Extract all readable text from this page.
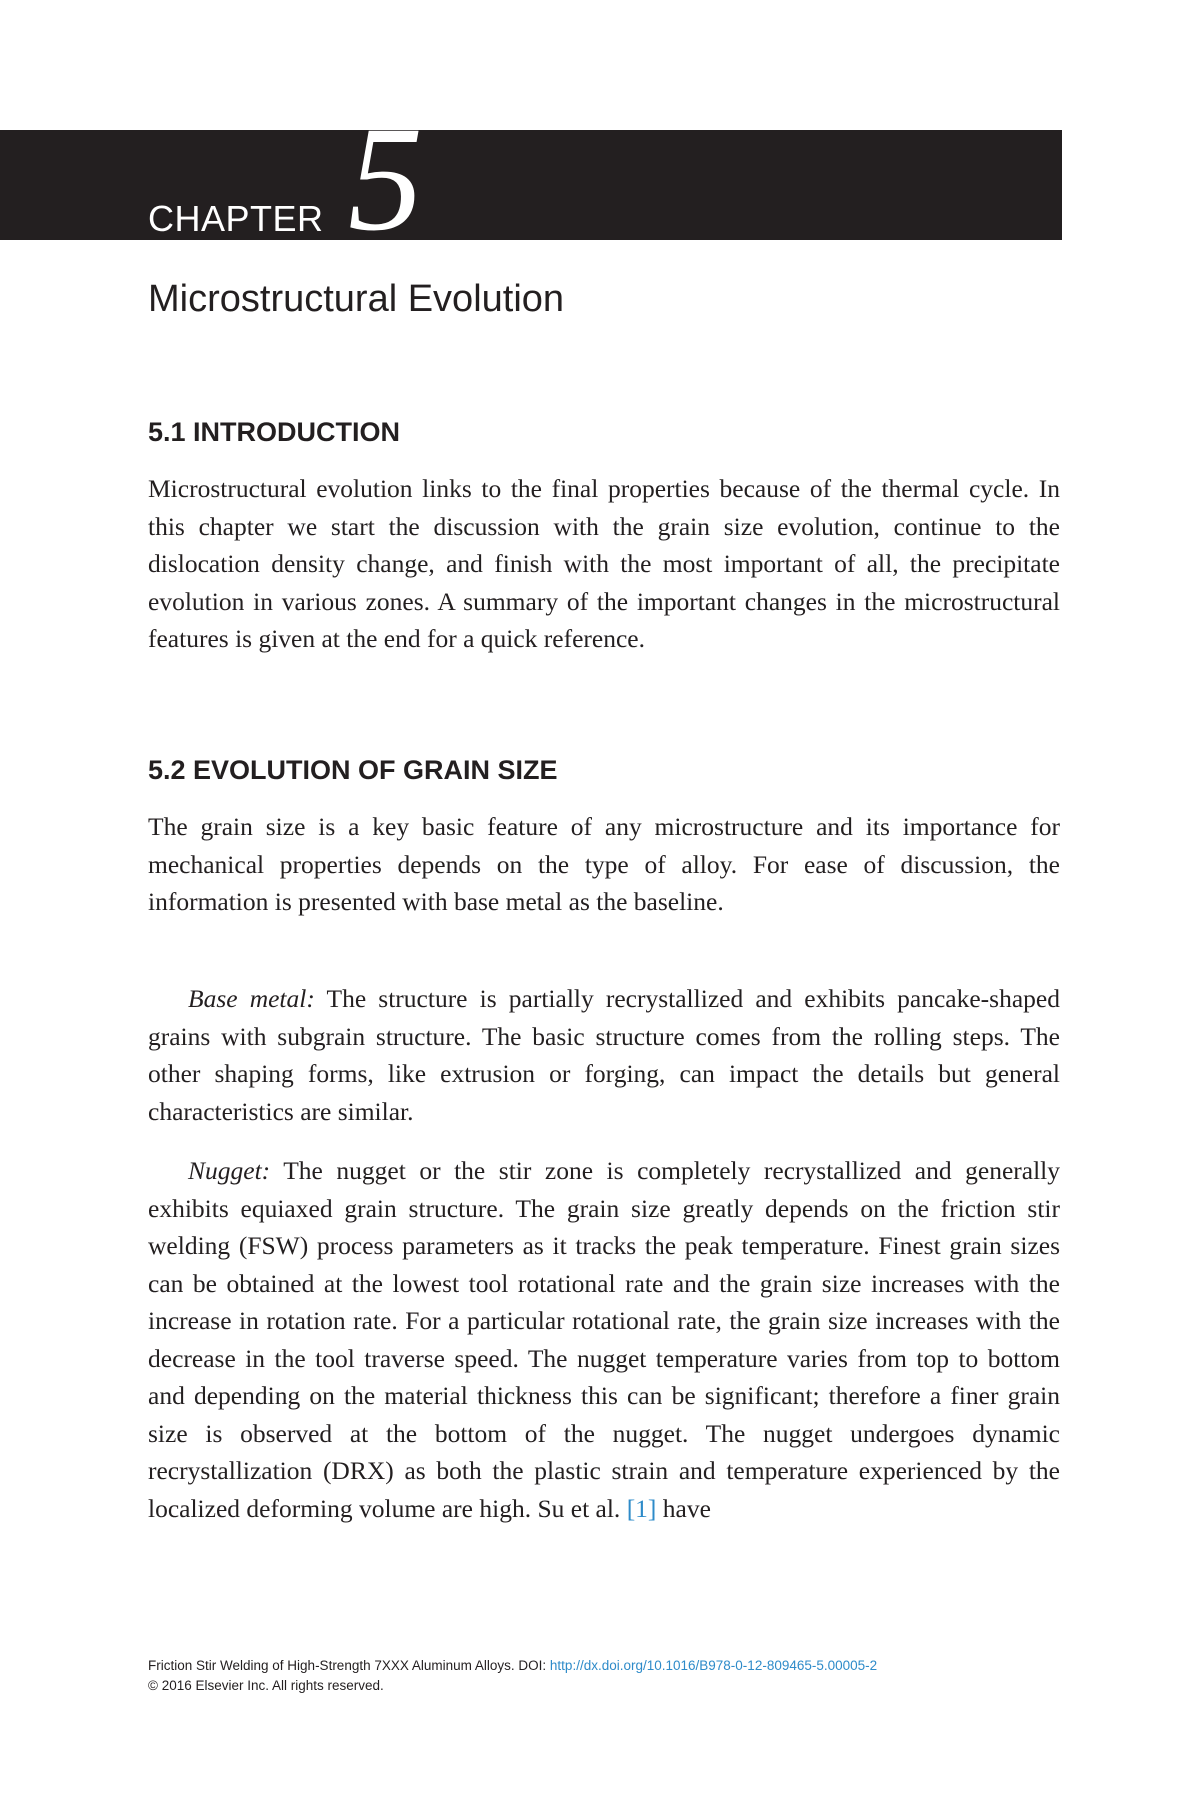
CHAPTER 5
Microstructural Evolution
5.1 INTRODUCTION

Microstructural evolution links to the final properties because of the thermal cycle. In this chapter we start the discussion with the grain size evolution, continue to the dislocation density change, and finish with the most important of all, the precipitate evolution in various zones. A summary of the important changes in the microstructural features is given at the end for a quick reference.

5.2 EVOLUTION OF GRAIN SIZE

The grain size is a key basic feature of any microstructure and its importance for mechanical properties depends on the type of alloy. For ease of discussion, the information is presented with base metal as the baseline.

Base metal: The structure is partially recrystallized and exhibits pancake-shaped grains with subgrain structure. The basic structure comes from the rolling steps. The other shaping forms, like extrusion or forging, can impact the details but general characteristics are similar.

Nugget: The nugget or the stir zone is completely recrystallized and generally exhibits equiaxed grain structure. The grain size greatly depends on the friction stir welding (FSW) process parameters as it tracks the peak temperature. Finest grain sizes can be obtained at the lowest tool rotational rate and the grain size increases with the increase in rotation rate. For a particular rotational rate, the grain size increases with the decrease in the tool traverse speed. The nugget temperature varies from top to bottom and depending on the material thickness this can be significant; therefore a finer grain size is observed at the bottom of the nugget. The nugget undergoes dynamic recrystallization (DRX) as both the plastic strain and temperature experienced by the localized deforming volume are high. Su et al. [1] have

Friction Stir Welding of High-Strength 7XXX Aluminum Alloys. DOI: http://dx.doi.org/10.1016/B978-0-12-809465-5.00005-2
© 2016 Elsevier Inc. All rights reserved.
